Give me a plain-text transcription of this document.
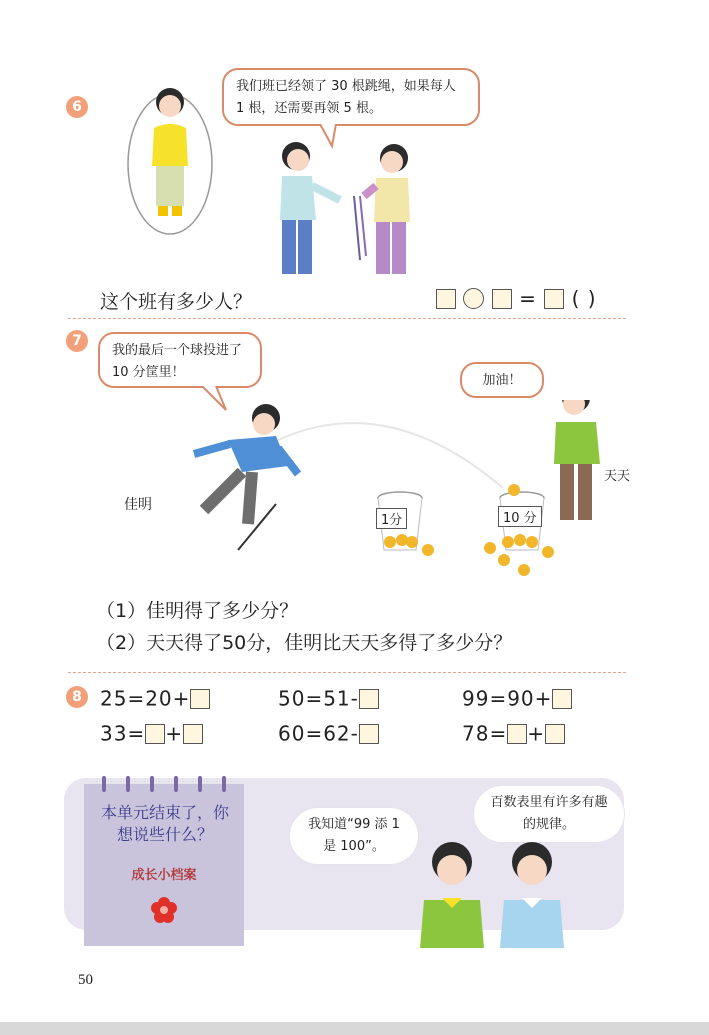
6
我们班已经领了 30 根跳绳，如果每人 1 根，还需要再领 5 根。
这个班有多少人？	= ( )
7
我的最后一个球投进了 10 分筐里！
加油！
1分	10 分
佳明
天天
（1）佳明得了多少分？
（2）天天得了50分，佳明比天天多得了多少分？
8 25=20+	50=51-	99=90+
33= +	60=62-	78= +
本单元结束了，你想说些什么？
成长小档案
我知道“99 添 1 是 100”。
百数表里有许多有趣的规律。
50
